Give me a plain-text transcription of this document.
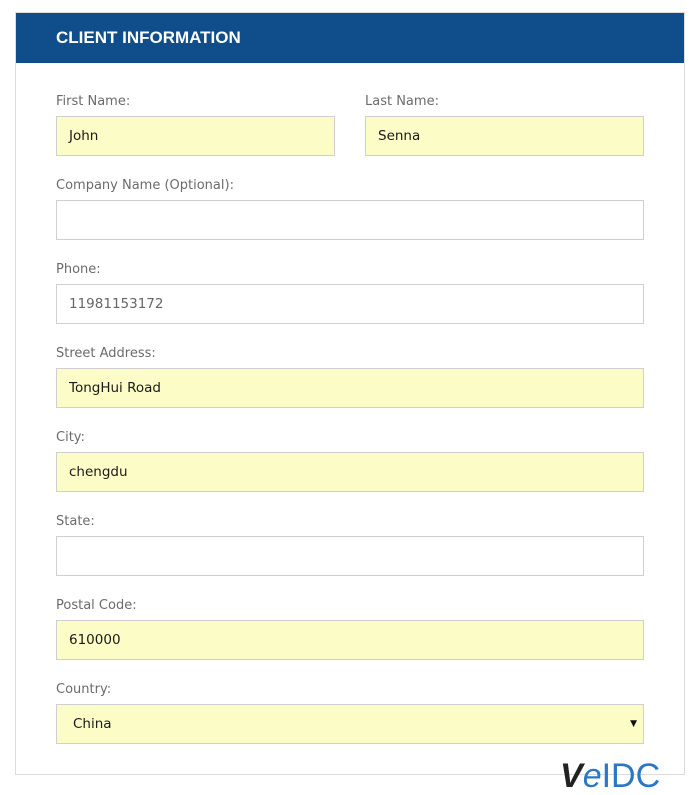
CLIENT INFORMATION
First Name:
John
Last Name:
Senna
Company Name (Optional):
Phone:
11981153172
Street Address:
TongHui Road
City:
chengdu
State:
Postal Code:
610000
Country:
China	▼
VeIDC
